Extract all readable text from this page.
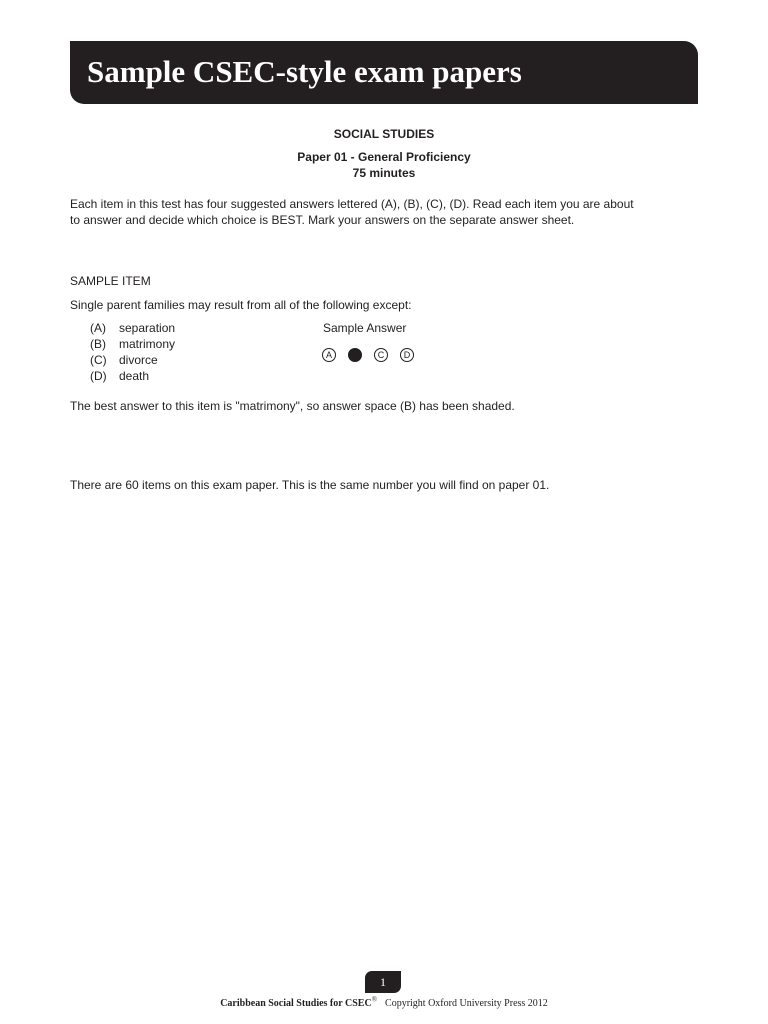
Sample CSEC-style exam papers
SOCIAL STUDIES
Paper 01 - General Proficiency
75 minutes
Each item in this test has four suggested answers lettered (A), (B), (C), (D). Read each item you are about
to answer and decide which choice is BEST. Mark your answers on the separate answer sheet.
SAMPLE ITEM
Single parent families may result from all of the following except:
(A)	separation
(B)	matrimony
(C)	divorce
(D)	death
Sample Answer
A	C	D
The best answer to this item is "matrimony", so answer space (B) has been shaded.
There are 60 items on this exam paper. This is the same number you will find on paper 01.
1
Caribbean Social Studies for CSEC® Copyright Oxford University Press 2012
